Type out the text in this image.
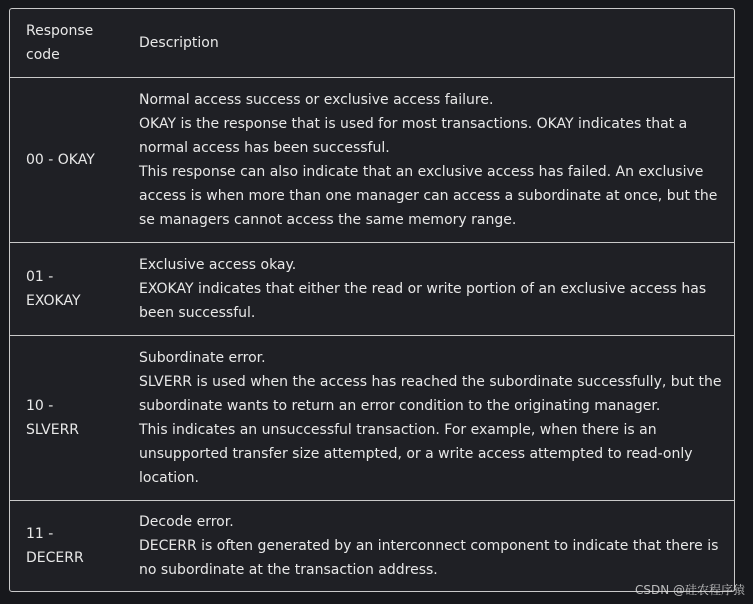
Response
code
Description
00 - OKAY

Normal access success or exclusive access failure.

OKAY is the response that is used for most transactions. OKAY indicates that a normal access has been successful.

This response can also indicate that an exclusive access has failed. An exclusive access is when more than one manager can access a subordinate at once, but the se managers cannot access the same memory range.

01 -
EXOKAY

Exclusive access okay.

EXOKAY indicates that either the read or write portion of an exclusive access has been successful.

10 -
SLVERR

Subordinate error.

SLVERR is used when the access has reached the subordinate successfully, but the subordinate wants to return an error condition to the originating manager.

This indicates an unsuccessful transaction. For example, when there is an unsupported transfer size attempted, or a write access attempted to read-only location.

11 -
DECERR

Decode error.

DECERR is often generated by an interconnect component to indicate that there is no subordinate at the transaction address.

CSDN @硅农程序猿
